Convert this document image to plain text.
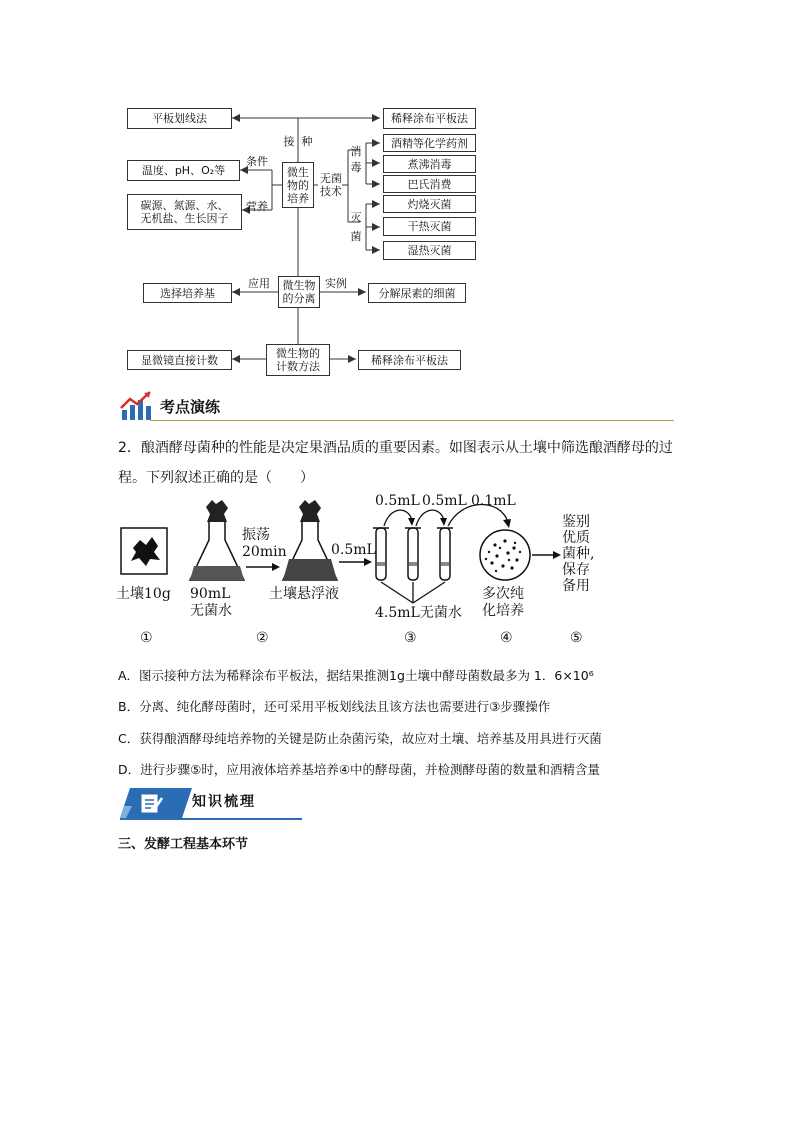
平板划线法	稀释涂布平板法
接 种
微生
物的
培养
条件
温度、pH、O₂等
营养
碳源、氮源、水、
无机盐、生长因子
无菌
技术
消
毒
灭
菌
酒精等化学药剂
煮沸消毒
巴氏消费
灼烧灭菌
干热灭菌
湿热灭菌
应用	微生物
的分离
实例
选择培养基	分解尿素的细菌
微生物的
计数方法
显微镜直接计数	稀释涂布平板法
考点演练
2．酿酒酵母菌种的性能是决定果酒品质的重要因素。如图表示从土壤中筛选酿酒酵母的过程。下列叙述正确的是（　　）
土壤10g 90mL
无菌水
振荡
20min
土壤悬浮液
0.5mL
0.5mL 0.5mL 0.1mL
4.5mL无菌水
多次纯
化培养
鉴别
优质
菌种,
保存
备用
①	②	③	④	⑤
A．图示接种方法为稀释涂布平板法，据结果推测1g土壤中酵母菌数最多为 1．6×10⁶
B．分离、纯化酵母菌时，还可采用平板划线法且该方法也需要进行③步骤操作
C．获得酿酒酵母纯培养物的关键是防止杂菌污染，故应对土壤、培养基及用具进行灭菌
D．进行步骤⑤时，应用液体培养基培养④中的酵母菌，并检测酵母菌的数量和酒精含量
知识梳理
三、发酵工程基本环节
